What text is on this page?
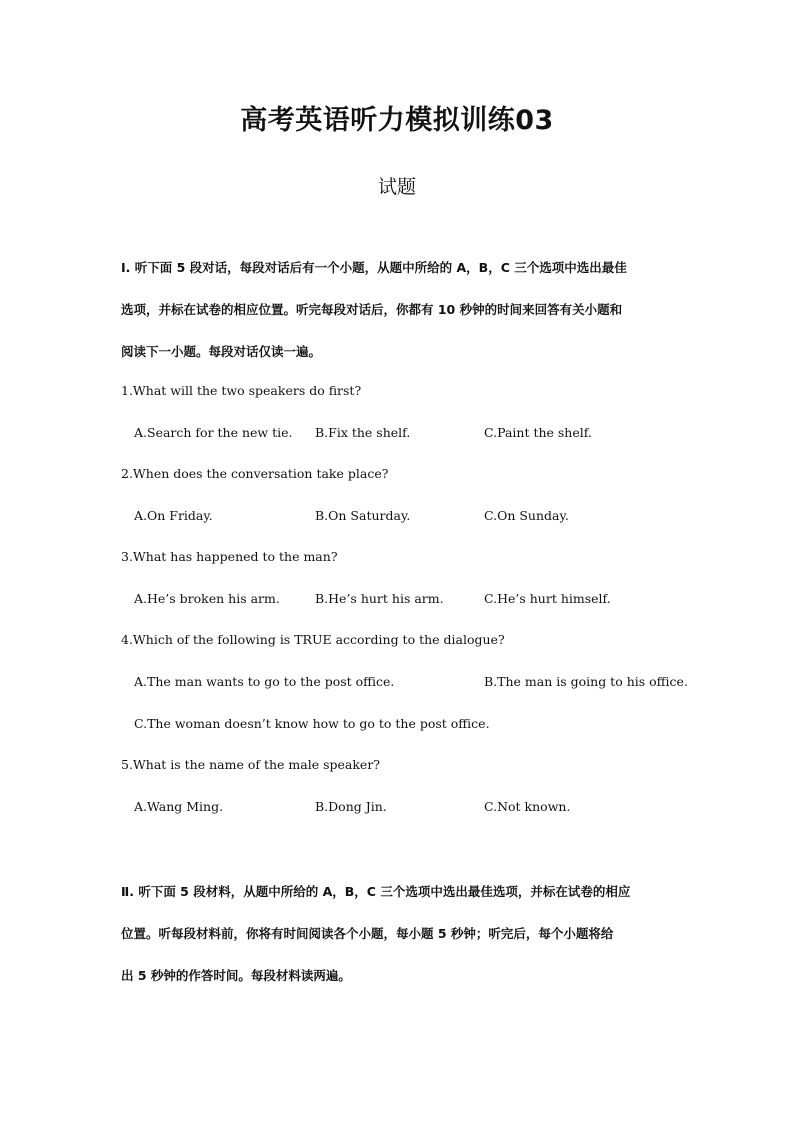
高考英语听力模拟训练03
试题
Ⅰ. 听下面 5 段对话，每段对话后有一个小题，从题中所给的 A，B，C 三个选项中选出最佳
选项，并标在试卷的相应位置。听完每段对话后，你都有 10 秒钟的时间来回答有关小题和
阅读下一小题。每段对话仅读一遍。
1.What will the two speakers do first?
A.Search for the new tie. B.Fix the shelf.	C.Paint the shelf.
2.When does the conversation take place?
A.On Friday.	B.On Saturday.	C.On Sunday.
3.What has happened to the man?
A.He’s broken his arm.	B.He’s hurt his arm.	C.He’s hurt himself.
4.Which of the following is TRUE according to the dialogue?
A.The man wants to go to the post office.	B.The man is going to his office.
C.The woman doesn’t know how to go to the post office.
5.What is the name of the male speaker?
A.Wang Ming.	B.Dong Jin.	C.Not known.
Ⅱ. 听下面 5 段材料，从题中所给的 A，B，C 三个选项中选出最佳选项，并标在试卷的相应
位置。听每段材料前，你将有时间阅读各个小题，每小题 5 秒钟；听完后，每个小题将给
出 5 秒钟的作答时间。每段材料读两遍。
